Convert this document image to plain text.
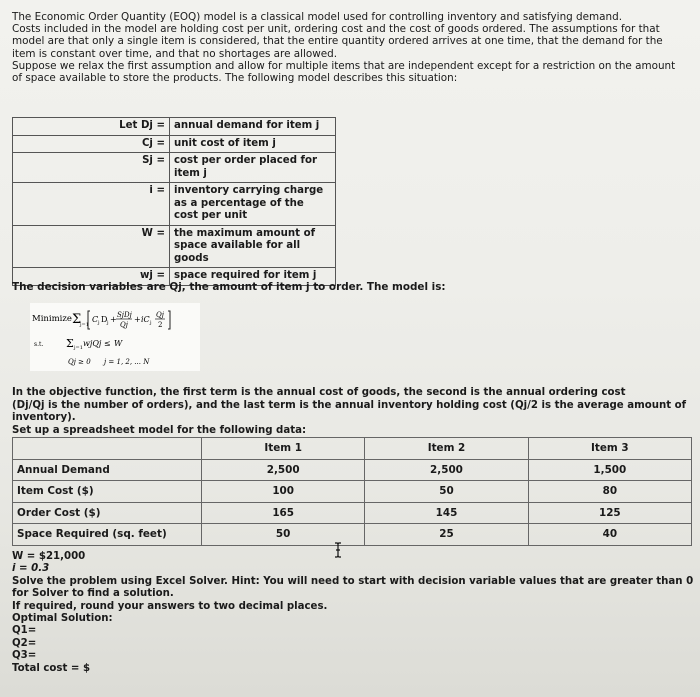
The Economic Order Quantity (EOQ) model is a classical model used for controlling inventory and satisfying demand.

Costs included in the model are holding cost per unit, ordering cost and the cost of goods ordered. The assumptions for that

model are that only a single item is considered, that the entire quantity ordered arrives at one time, that the demand for the

item is constant over time, and that no shortages are allowed.

Suppose we relax the first assumption and allow for multiple items that are independent except for a restriction on the amount

of space available to store the products. The following model describes this situation:

Let Dj =	annual demand for item j
Cj =	unit cost of item j
Sj =	cost per order placed for item j
i =	inventory carrying charge as a percentage of the cost per unit
W =	the maximum amount of space available for all goods
wj =	space required for item j
The decision variables are Qj, the amount of item j to order. The model is:
Minimize Σ
j=1
C j D j + SjDj
Qj
+ iC j
Qj
2
s.t. Σ j=1 wjQj ≤ W
Qj ≥ 0 j = 1, 2, ... N

In the objective function, the first term is the annual cost of goods, the second is the annual ordering cost

(Dj/Qj is the number of orders), and the last term is the annual inventory holding cost (Qj/2 is the average amount of inventory).

Set up a spreadsheet model for the following data:

	Item 1	Item 2	Item 3
Annual Demand	2,500	2,500	1,500
Item Cost ($)	100	50	80
Order Cost ($)	165	145	125
Space Required (sq. feet)	50	25	40

W = $21,000

i = 0.3

Solve the problem using Excel Solver. Hint: You will need to start with decision variable values that are greater than 0 for Solver to find a solution.

If required, round your answers to two decimal places.

Optimal Solution:

Q1=

Q2=

Q3=

Total cost = $
